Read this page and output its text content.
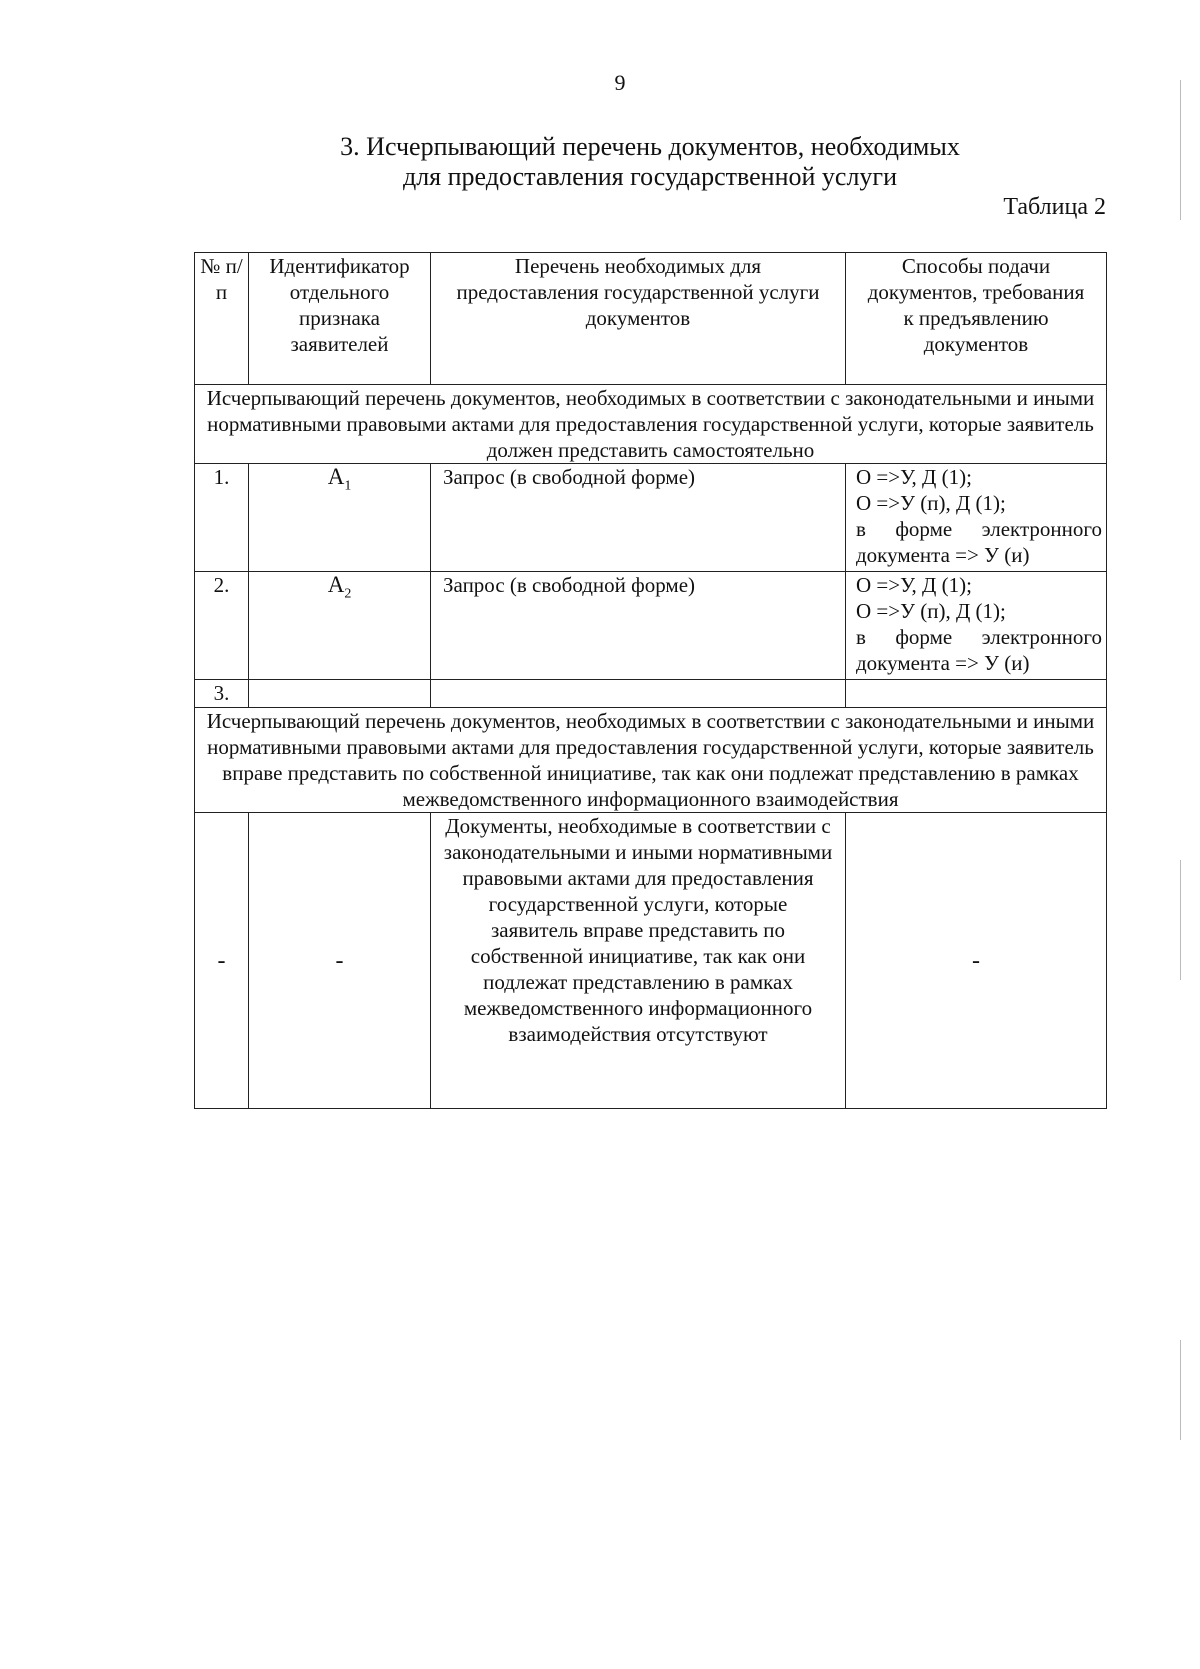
9
3. Исчерпывающий перечень документов, необходимых
для предоставления государственной услуги
Таблица 2
№ п/п	Идентификатор отдельного признака заявителей	Перечень необходимых для предоставления государственной услуги документов	Способы подачи документов, требования к предъявлению документов
Исчерпывающий перечень документов, необходимых в соответствии с законодательными и иными нормативными правовыми актами для предоставления государственной услуги, которые заявитель должен представить самостоятельно			
1.	$A_1$	Запрос (в свободной форме)	О =>У, Д (1);
О =>У (п), Д (1);
в форме электронного
документа => У (и)

2.	$A_2$	Запрос (в свободной форме)	О =>У, Д (1);
О =>У (п), Д (1);
в форме электронного
документа => У (и)

3.			
Исчерпывающий перечень документов, необходимых в соответствии с законодательными и иными нормативными правовыми актами для предоставления государственной услуги, которые заявитель вправе представить по собственной инициативе, так как они подлежат представлению в рамках межведомственного информационного взаимодействия			
-	-	Документы, необходимые в соответствии с законодательными и иными нормативными правовыми актами для предоставления государственной услуги, которые заявитель вправе представить по собственной инициативе, так как они подлежат представлению в рамках межведомственного информационного взаимодействия отсутствуют	-
